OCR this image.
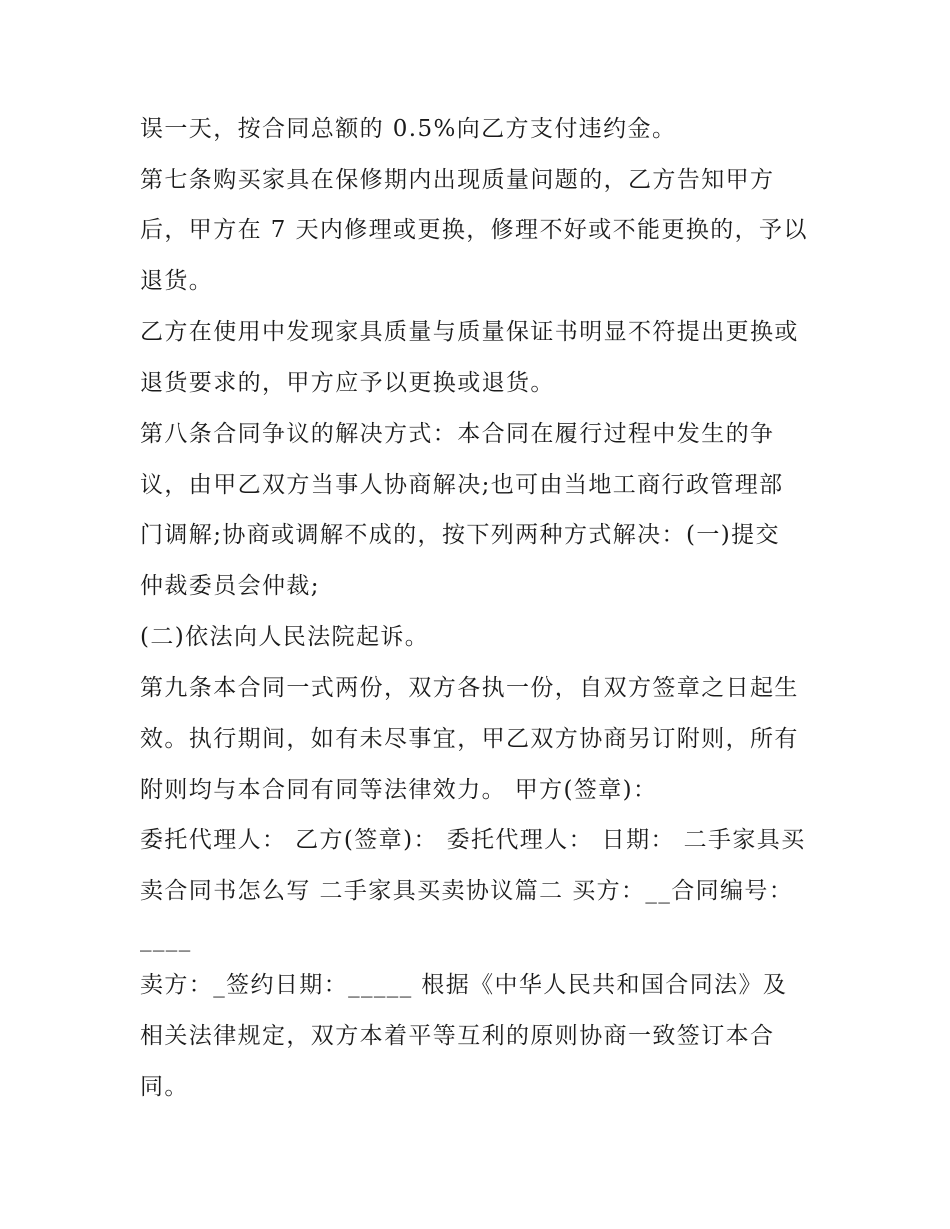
误一天，按合同总额的 0.5%向乙方支付违约金。
第七条购买家具在保修期内出现质量问题的，乙方告知甲方
后，甲方在 7 天内修理或更换，修理不好或不能更换的，予以
退货。
乙方在使用中发现家具质量与质量保证书明显不符提出更换或
退货要求的，甲方应予以更换或退货。
第八条合同争议的解决方式：本合同在履行过程中发生的争
议，由甲乙双方当事人协商解决;也可由当地工商行政管理部
门调解;协商或调解不成的，按下列两种方式解决：(一)提交
仲裁委员会仲裁;
(二)依法向人民法院起诉。
第九条本合同一式两份，双方各执一份，自双方签章之日起生
效。执行期间，如有未尽事宜，甲乙双方协商另订附则，所有
附则均与本合同有同等法律效力。 甲方(签章)：
委托代理人： 乙方(签章)： 委托代理人： 日期： 二手家具买
卖合同书怎么写 二手家具买卖协议篇二 买方：__合同编号：
____
卖方：_签约日期：_____ 根据《中华人民共和国合同法》及
相关法律规定，双方本着平等互利的原则协商一致签订本合
同。
